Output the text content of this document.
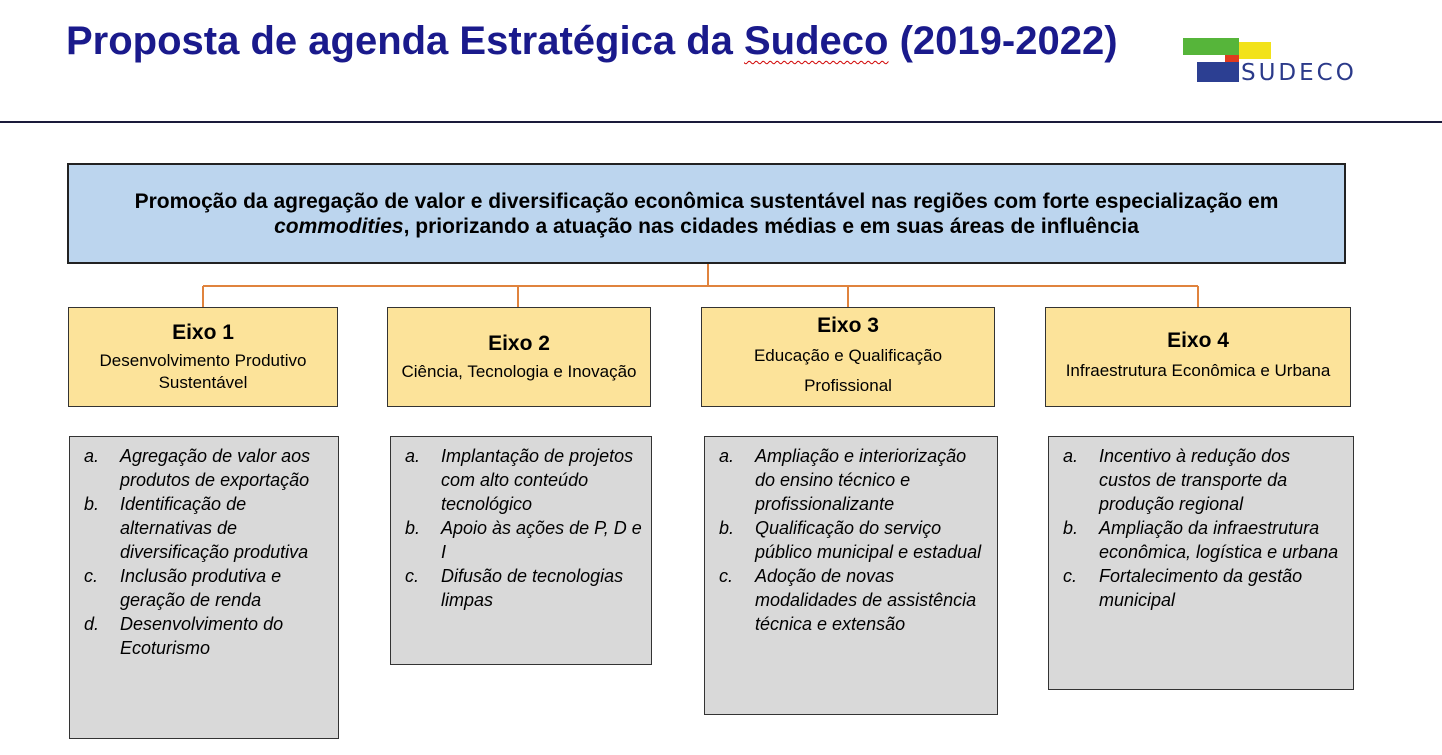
Proposta de agenda Estratégica da Sudeco (2019-2022)
SUDECO
Promoção da agregação de valor e diversificação econômica sustentável nas regiões com forte especialização em commodities, priorizando a atuação nas cidades médias e em suas áreas de influência
Eixo 1
Desenvolvimento Produtivo Sustentável
Eixo 2
Ciência, Tecnologia e Inovação
Eixo 3
Educação e Qualificação Profissional
Eixo 4
Infraestrutura Econômica e Urbana
a.	Agregação de valor aos produtos de exportação
b.	Identificação de alternativas de diversificação produtiva
c.	Inclusão produtiva e geração de renda
d.	Desenvolvimento do Ecoturismo
a.	Implantação de projetos com alto conteúdo tecnológico
b.	Apoio às ações de P, D e I
c.	Difusão de tecnologias limpas
a.	Ampliação e interiorização do ensino técnico e profissionalizante
b.	Qualificação do serviço público municipal e estadual
c.	Adoção de novas modalidades de assistência técnica e extensão
a.	Incentivo à redução dos custos de transporte da produção regional
b.	Ampliação da infraestrutura econômica, logística e urbana
c.	Fortalecimento da gestão municipal
